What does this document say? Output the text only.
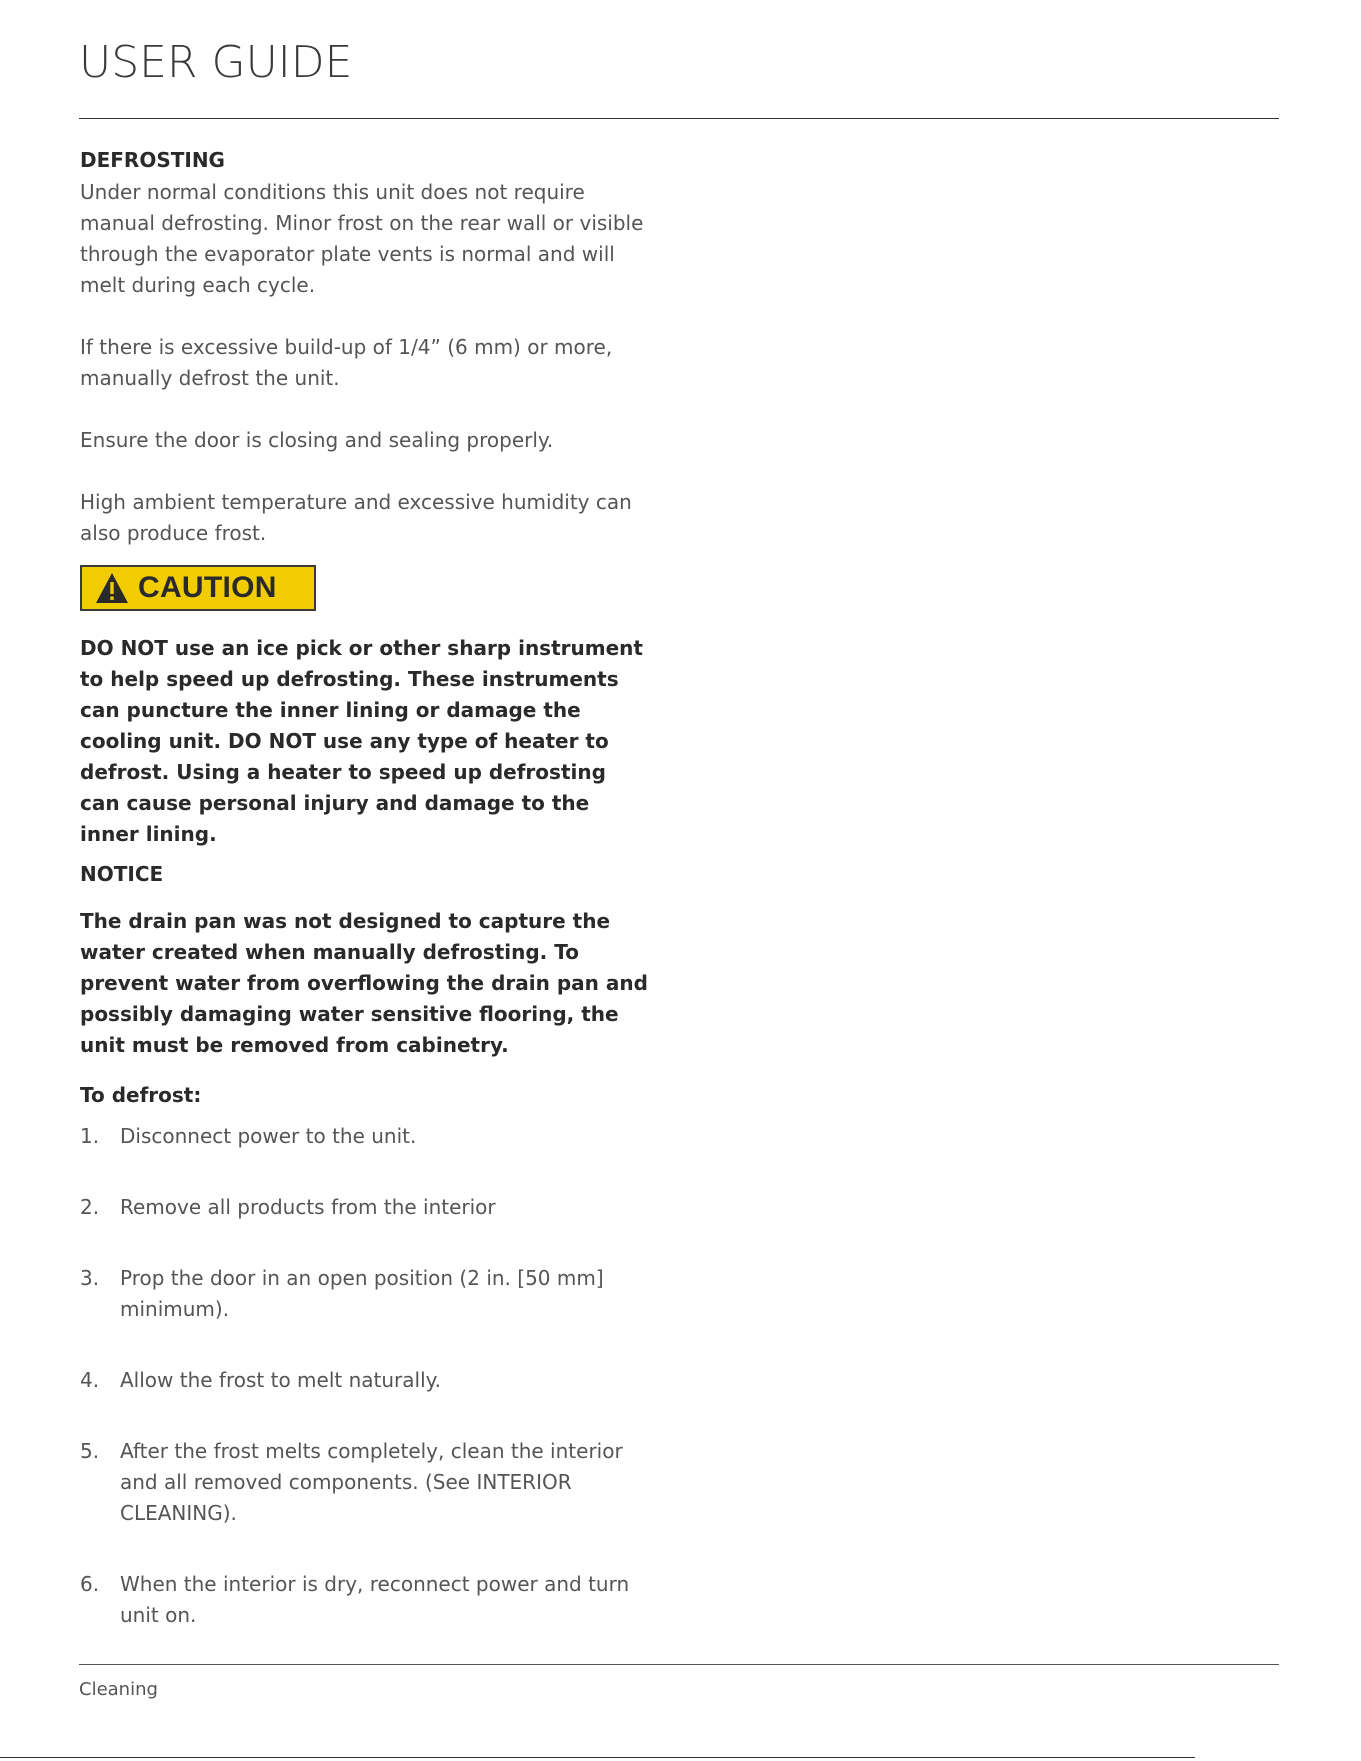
USER GUIDE
DEFROSTING

Under normal conditions this unit does not require manual defrosting. Minor frost on the rear wall or visible through the evaporator plate vents is normal and will melt during each cycle.

If there is excessive build-up of 1/4” (6 mm) or more, manually defrost the unit.

Ensure the door is closing and sealing properly.

High ambient temperature and excessive humidity can also produce frost.

CAUTION

DO NOT use an ice pick or other sharp instrument to help speed up defrosting. These instruments can puncture the inner lining or damage the cooling unit. DO NOT use any type of heater to defrost. Using a heater to speed up defrosting can cause personal injury and damage to the inner lining.

NOTICE

The drain pan was not designed to capture the water created when manually defrosting. To prevent water from overflowing the drain pan and possibly damaging water sensitive flooring, the unit must be removed from cabinetry.

To defrost:
1.	Disconnect power to the unit.
2.	Remove all products from the interior
3.	Prop the door in an open position (2 in. [50 mm] minimum).
4.	Allow the frost to melt naturally.
5.	After the frost melts completely, clean the interior and all removed components. (See INTERIOR CLEANING).
6.	When the interior is dry, reconnect power and turn unit on.

Cleaning
